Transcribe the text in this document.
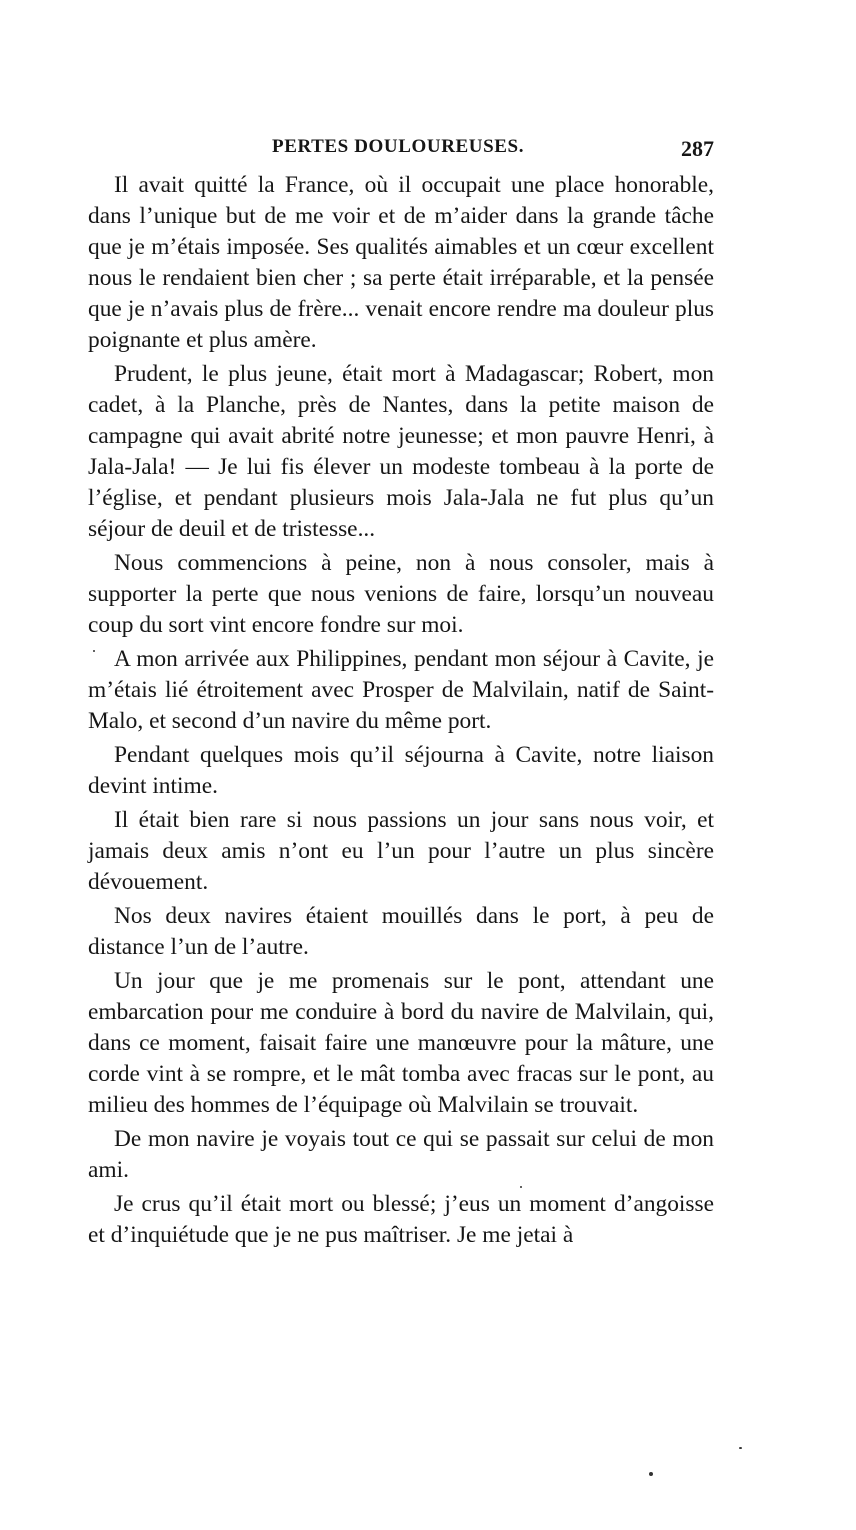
PERTES DOULOUREUSES.	287

Il avait quitté la France, où il occupait une place honorable, dans l’unique but de me voir et de m’aider dans la grande tâche que je m’étais imposée. Ses qualités aimables et un cœur excellent nous le rendaient bien cher ; sa perte était irréparable, et la pensée que je n’avais plus de frère... venait encore rendre ma douleur plus poignante et plus amère.

Prudent, le plus jeune, était mort à Madagascar; Robert, mon cadet, à la Planche, près de Nantes, dans la petite maison de campagne qui avait abrité notre jeunesse; et mon pauvre Henri, à Jala-Jala! — Je lui fis élever un modeste tombeau à la porte de l’église, et pendant plusieurs mois Jala-Jala ne fut plus qu’un séjour de deuil et de tristesse...

Nous commencions à peine, non à nous consoler, mais à supporter la perte que nous venions de faire, lorsqu’un nouveau coup du sort vint encore fondre sur moi.

A mon arrivée aux Philippines, pendant mon séjour à Cavite, je m’étais lié étroitement avec Prosper de Malvilain, natif de Saint-Malo, et second d’un navire du même port.

Pendant quelques mois qu’il séjourna à Cavite, notre liaison devint intime.

Il était bien rare si nous passions un jour sans nous voir, et jamais deux amis n’ont eu l’un pour l’autre un plus sincère dévouement.

Nos deux navires étaient mouillés dans le port, à peu de distance l’un de l’autre.

Un jour que je me promenais sur le pont, attendant une embarcation pour me conduire à bord du navire de Malvilain, qui, dans ce moment, faisait faire une manœuvre pour la mâture, une corde vint à se rompre, et le mât tomba avec fracas sur le pont, au milieu des hommes de l’équipage où Malvilain se trouvait.

De mon navire je voyais tout ce qui se passait sur celui de mon ami.

Je crus qu’il était mort ou blessé; j’eus un moment d’angoisse et d’inquiétude que je ne pus maîtriser. Je me jetai à
